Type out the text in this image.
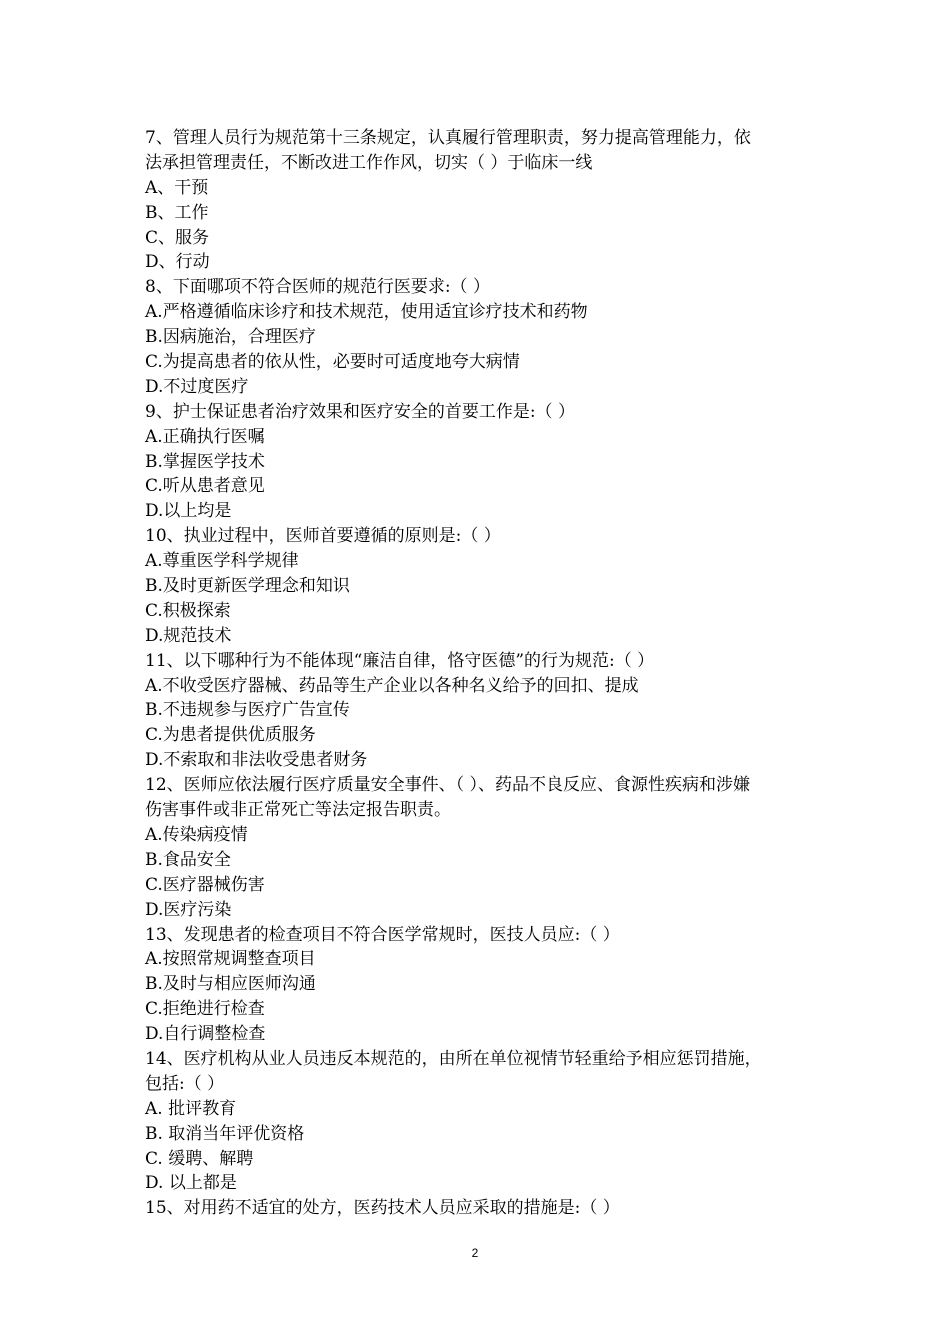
7、管理人员行为规范第十三条规定，认真履行管理职责，努力提高管理能力，依
法承担管理责任，不断改进工作作风，切实（ ）于临床一线
A、干预
B、工作
C、服务
D、行动
8、下面哪项不符合医师的规范行医要求:（ ）
A.严格遵循临床诊疗和技术规范，使用适宜诊疗技术和药物
B.因病施治，合理医疗
C.为提高患者的依从性，必要时可适度地夸大病情
D.不过度医疗
9、护士保证患者治疗效果和医疗安全的首要工作是:（ ）
A.正确执行医嘱
B.掌握医学技术
C.听从患者意见
D.以上均是
10、执业过程中，医师首要遵循的原则是:（ ）
A.尊重医学科学规律
B.及时更新医学理念和知识
C.积极探索
D.规范技术
11、以下哪种行为不能体现“廉洁自律，恪守医德”的行为规范:（ ）
A.不收受医疗器械、药品等生产企业以各种名义给予的回扣、提成
B.不违规参与医疗广告宣传
C.为患者提供优质服务
D.不索取和非法收受患者财务
12、医师应依法履行医疗质量安全事件、（ ）、药品不良反应、食源性疾病和涉嫌
伤害事件或非正常死亡等法定报告职责。
A.传染病疫情
B.食品安全
C.医疗器械伤害
D.医疗污染
13、发现患者的检查项目不符合医学常规时，医技人员应:（ ）
A.按照常规调整查项目
B.及时与相应医师沟通
C.拒绝进行检查
D.自行调整检查
14、医疗机构从业人员违反本规范的，由所在单位视情节轻重给予相应惩罚措施，
包括:（ ）
A. 批评教育
B. 取消当年评优资格
C. 缓聘、解聘
D. 以上都是
15、对用药不适宜的处方，医药技术人员应采取的措施是:（ ）
2
